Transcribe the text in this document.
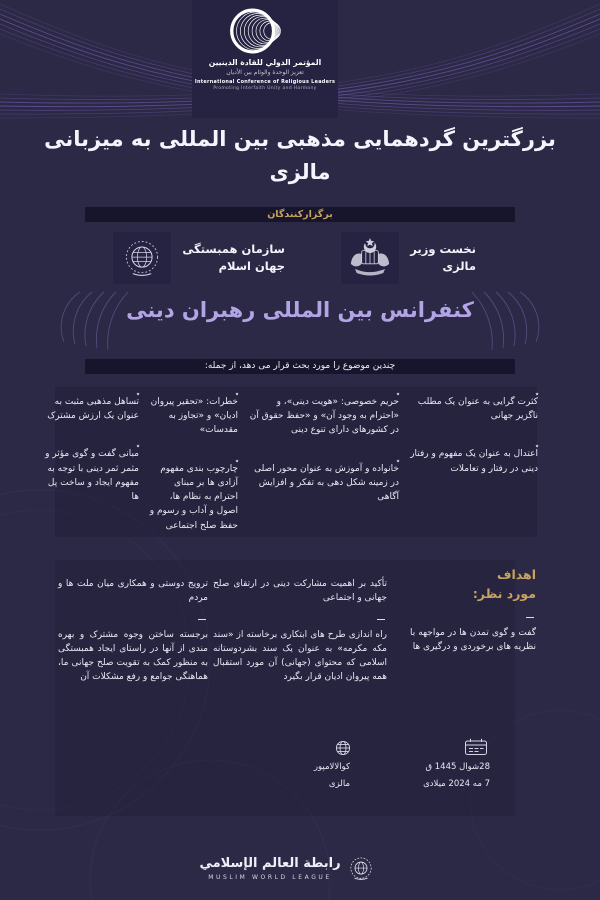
المؤتمر الدولي للقادة الدينيين
تعزيز الوحدة والوئام بين الأديان
International Conference of Religious Leaders
Promoting Interfaith Unity and Harmony
بزرگترین گردهمایی مذهبی بین المللی به میزبانی مالزی
برگزارکنندگان
نخست وزیر
مالزی
سازمان همبستگی
جهان اسلام
کنفرانس بین المللی رهبران دینی
چندین موضوع را مورد بحث قرار می دهد، از جمله:
٭
کثرت گرایی به عنوان یک مطلب ناگزیر جهانی
٭
اعتدال به عنوان یک مفهوم و رفتار دینی در رفتار و تعاملات
٭
حریم خصوصی: «هویت دینی»، و «احترام به وجود آن» و «حفظ حقوق آن در کشورهای دارای تنوع دینی
٭
خانواده و آموزش به عنوان محور اصلی در زمینه شکل دهی به تفکر و افزایش آگاهی
٭
خطرات: «تحقیر پیروان ادیان» و «تجاوز به مقدسات»
٭
چارچوب بندی مفهوم آزادی ها بر مبنای احترام به نظام ها، اصول و آداب و رسوم و حفظ صلح اجتماعی
٭
تساهل مذهبی مثبت به عنوان یک ارزش مشترک
٭
مبانی گفت و گوی مؤثر و مثمر ثمر دینی با توجه به مفهوم ایجاد و ساخت پل ها
اهداف
مورد نظر:
گفت و گوی تمدن ها در مواجهه با نظریه های برخوردی و درگیری ها
تأکید بر اهمیت مشارکت دینی در ارتقای صلح جهانی و اجتماعی
راه اندازی طرح های ابتکاری برخاسته از «سند مکه مکرمه» به عنوان یک سند بشردوستانه اسلامی که محتوای (جهانی) آن مورد استقبال همه پیروان ادیان قرار بگیرد
ترویج دوستی و همکاری میان ملت ها و مردم
برجسته ساختن وجوه مشترک و بهره مندی از آنها در راستای ایجاد همبستگی به منظور کمک به تقویت صلح جهانی ما، هماهنگی جوامع و رفع مشکلات آن
28شوال 1445 ق
7 مه 2024 میلادی
کوالالامپور
مالزی
رابطة العالم الإسلامي
MUSLIM WORLD LEAGUE
